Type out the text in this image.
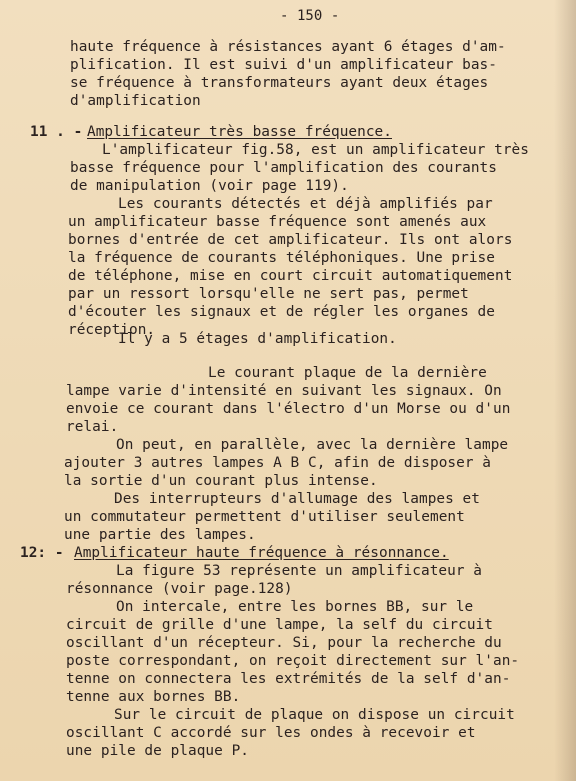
- 150 -
haute fréquence à résistances ayant 6 étages d'am-
plification. Il est suivi d'un amplificateur bas-
se fréquence à transformateurs ayant deux étages
d'amplification
11 . - Amplificateur très basse fréquence.
L'amplificateur fig.58, est un amplificateur très
basse fréquence pour l'amplification des courants
de manipulation (voir page 119).
Les courants détectés et déjà amplifiés par
un amplificateur basse fréquence sont amenés aux
bornes d'entrée de cet amplificateur. Ils ont alors
la fréquence de courants téléphoniques. Une prise
de téléphone, mise en court circuit automatiquement
par un ressort lorsqu'elle ne sert pas, permet
d'écouter les signaux et de régler les organes de
réception.
Il y a 5 étages d'amplification.
Le courant plaque de la dernière
lampe varie d'intensité en suivant les signaux. On
envoie ce courant dans l'électro d'un Morse ou d'un
relai.
On peut, en parallèle, avec la dernière lampe
ajouter 3 autres lampes A B C, afin de disposer à
la sortie d'un courant plus intense.
Des interrupteurs d'allumage des lampes et
un commutateur permettent d'utiliser seulement
une partie des lampes.
12: - Amplificateur haute fréquence à résonnance.
La figure 53 représente un amplificateur à
résonnance (voir page.128)
On intercale, entre les bornes BB, sur le
circuit de grille d'une lampe, la self du circuit
oscillant d'un récepteur. Si, pour la recherche du
poste correspondant, on reçoit directement sur l'an-
tenne on connectera les extrémités de la self d'an-
tenne aux bornes BB.
Sur le circuit de plaque on dispose un circuit
oscillant C accordé sur les ondes à recevoir et
une pile de plaque P.
